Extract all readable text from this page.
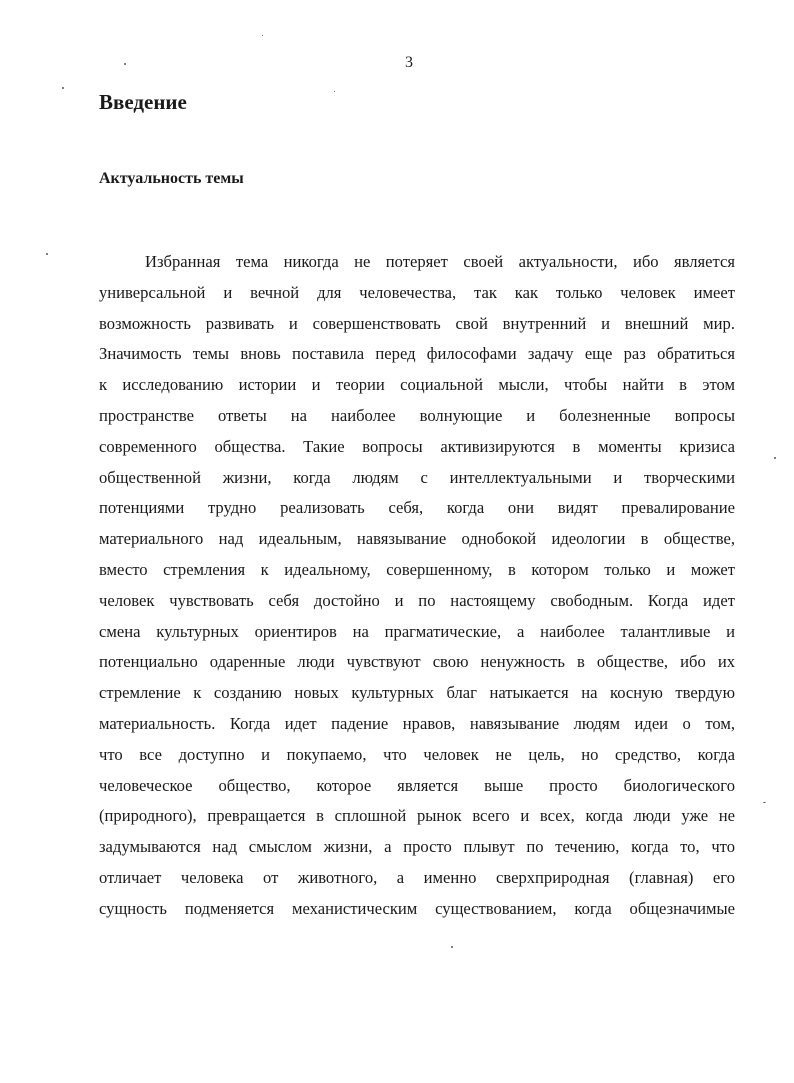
3
Введение
Актуальность темы
Избранная тема никогда не потеряет своей актуальности, ибо является
универсальной и вечной для человечества, так как только человек имеет
возможность развивать и совершенствовать свой внутренний и внешний мир.
Значимость темы вновь поставила перед философами задачу еще раз обратиться
к исследованию истории и теории социальной мысли, чтобы найти в этом
пространстве ответы на наиболее волнующие и болезненные вопросы
современного общества. Такие вопросы активизируются в моменты кризиса
общественной жизни, когда людям с интеллектуальными и творческими
потенциями трудно реализовать себя, когда они видят превалирование
материального над идеальным, навязывание однобокой идеологии в обществе,
вместо стремления к идеальному, совершенному, в котором только и может
человек чувствовать себя достойно и по настоящему свободным. Когда идет
смена культурных ориентиров на прагматические, а наиболее талантливые и
потенциально одаренные люди чувствуют свою ненужность в обществе, ибо их
стремление к созданию новых культурных благ натыкается на косную твердую
материальность. Когда идет падение нравов, навязывание людям идеи о том,
что все доступно и покупаемо, что человек не цель, но средство, когда
человеческое общество, которое является выше просто биологического
(природного), превращается в сплошной рынок всего и всех, когда люди уже не
задумываются над смыслом жизни, а просто плывут по течению, когда то, что
отличает человека от животного, а именно сверхприродная (главная) его
сущность подменяется механистическим существованием, когда общезначимые
